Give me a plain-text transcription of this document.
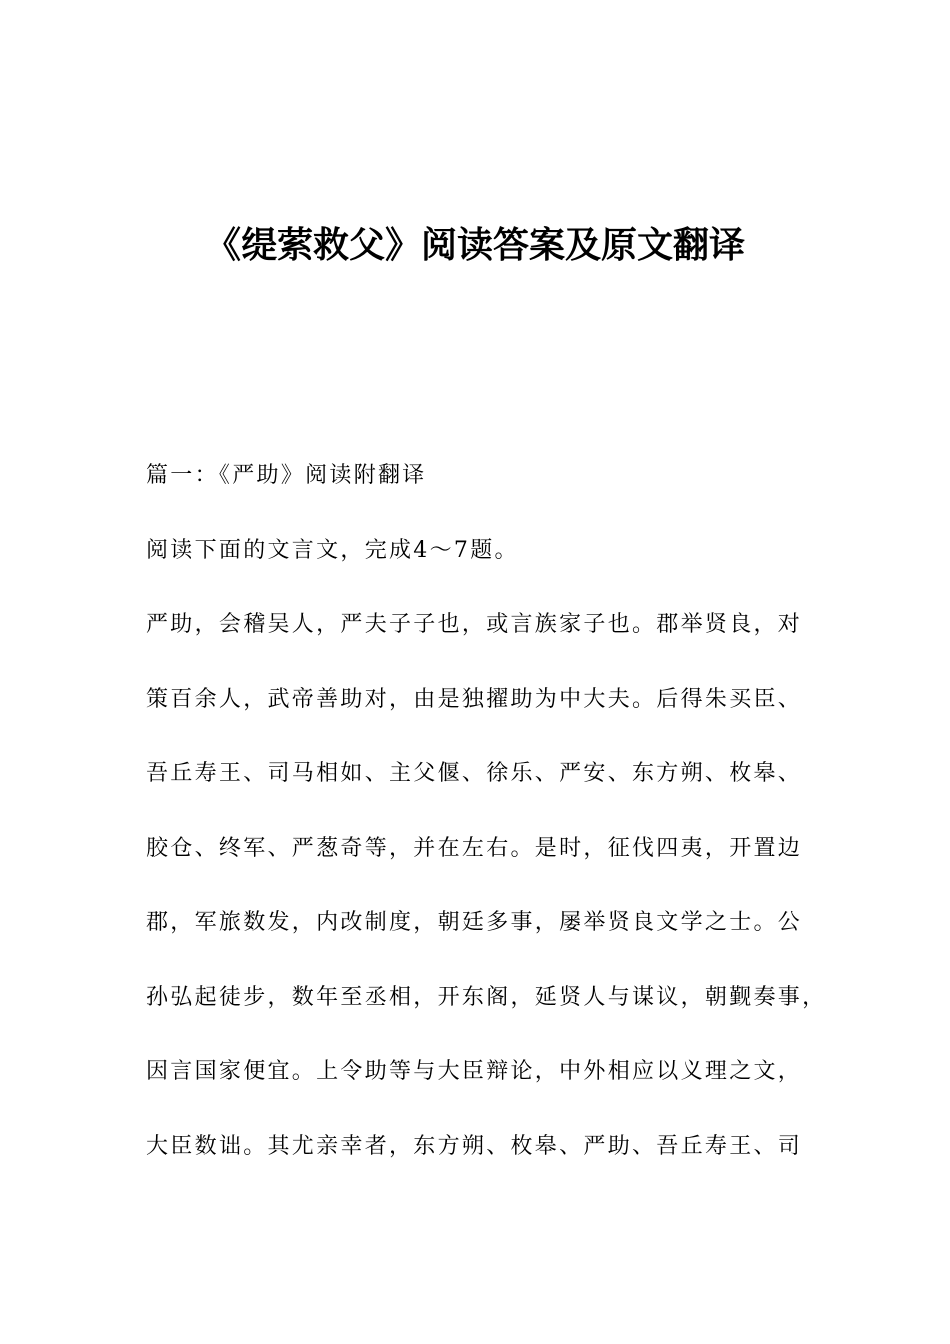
《缇萦救父》阅读答案及原文翻译
篇一：《严助》阅读附翻译
阅读下面的文言文，完成4～7题。
严助，会稽吴人，严夫子子也，或言族家子也。郡举贤良，对
策百余人，武帝善助对，由是独擢助为中大夫。后得朱买臣、
吾丘寿王、司马相如、主父偃、徐乐、严安、东方朔、枚皋、
胶仓、终军、严葱奇等，并在左右。是时，征伐四夷，开置边
郡，军旅数发，内改制度，朝廷多事，屡举贤良文学之士。公
孙弘起徒步，数年至丞相，开东阁，延贤人与谋议，朝觐奏事，
因言国家便宜。上令助等与大臣辩论，中外相应以义理之文，
大臣数诎。其尤亲幸者，东方朔、枚皋、严助、吾丘寿王、司
